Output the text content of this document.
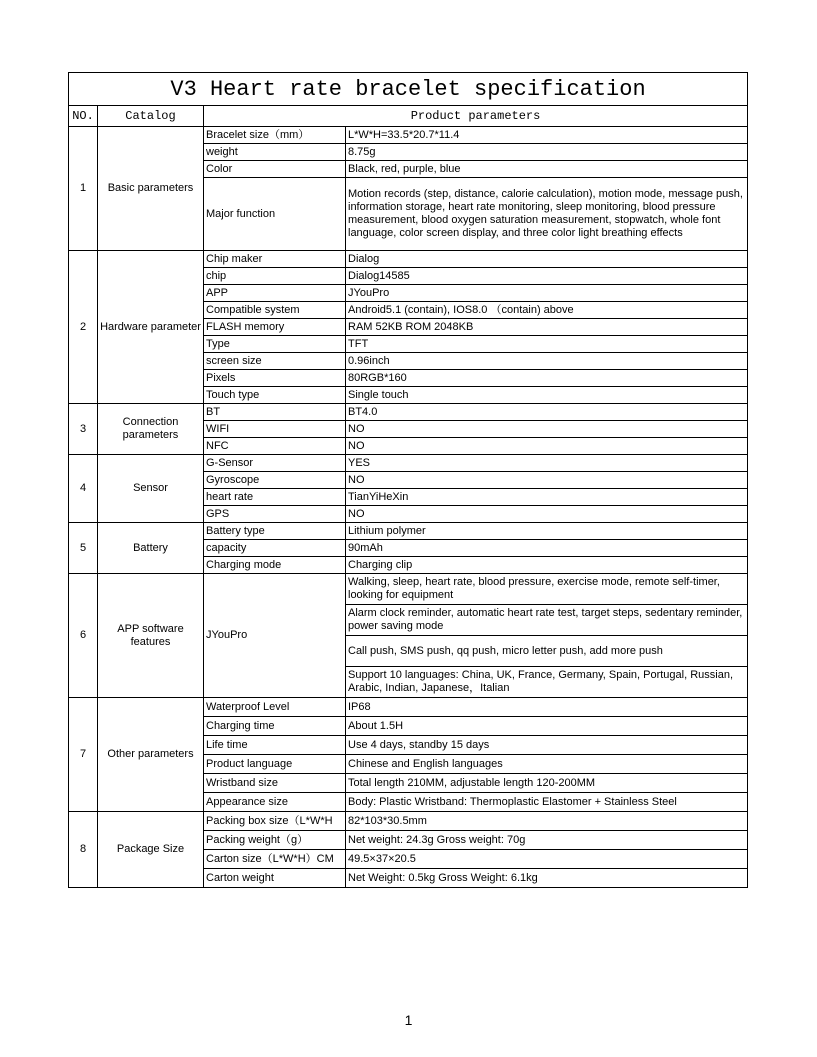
V3 Heart rate bracelet specification			
NO.	Catalog	Product parameters	
1	Basic parameters	Bracelet size（mm）	L*W*H=33.5*20.7*11.4
		weight	8.75g
		Color	Black, red, purple, blue
		Major function	Motion records (step, distance, calorie calculation), motion mode, message push, information storage, heart rate monitoring, sleep monitoring, blood pressure measurement, blood oxygen saturation measurement, stopwatch, whole font language, color screen display, and three color light breathing effects
2	Hardware parameter	Chip maker	Dialog
		chip	Dialog14585
		APP	JYouPro
		Compatible system	Android5.1 (contain), IOS8.0 （contain) above
		FLASH memory	RAM 52KB ROM 2048KB
		Type	TFT
		screen size	0.96inch
		Pixels	80RGB*160
		Touch type	Single touch
3	Connection parameters	BT	BT4.0
		WIFI	NO
		NFC	NO
4	Sensor	G-Sensor	YES
		Gyroscope	NO
		heart rate	TianYiHeXin
		GPS	NO
5	Battery	Battery type	Lithium polymer
		capacity	90mAh
		Charging mode	Charging clip
6	APP software features	JYouPro	Walking, sleep, heart rate, blood pressure, exercise mode, remote self-timer, looking for equipment
			Alarm clock reminder, automatic heart rate test, target steps, sedentary reminder, power saving mode
			Call push, SMS push, qq push, micro letter push, add more push
			Support 10 languages: China, UK, France, Germany, Spain, Portugal, Russian, Arabic, Indian, Japanese，Italian
7	Other parameters	Waterproof Level	IP68
		Charging time	About 1.5H
		Life time	Use 4 days, standby 15 days
		Product language	Chinese and English languages
		Wristband size	Total length 210MM, adjustable length 120-200MM
		Appearance size	Body: Plastic Wristband: Thermoplastic Elastomer + Stainless Steel
8	Package Size	Packing box size（L*W*H	82*103*30.5mm
		Packing weight（g）	Net weight: 24.3g Gross weight: 70g
		Carton size（L*W*H）CM	49.5×37×20.5
		Carton weight	Net Weight: 0.5kg Gross Weight: 6.1kg
1
